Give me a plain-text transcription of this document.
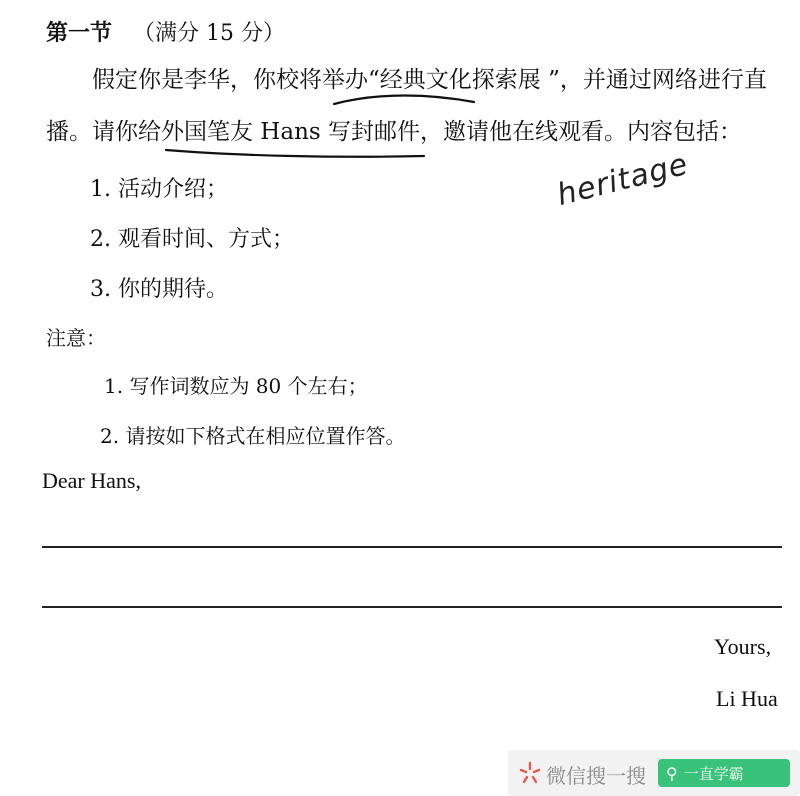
第一节 （满分 15 分）
假定你是李华，你校将举办“经典文化探索展 ”，并通过网络进行直
播。请你给外国笔友 Hans 写封邮件，邀请他在线观看。内容包括：
1. 活动介绍；
2. 观看时间、方式；
3. 你的期待。
heritage
注意：
1. 写作词数应为 80 个左右；
2. 请按如下格式在相应位置作答。
Dear Hans,
Yours,
Li Hua
微信搜一搜 ⚲ 一直学霸
